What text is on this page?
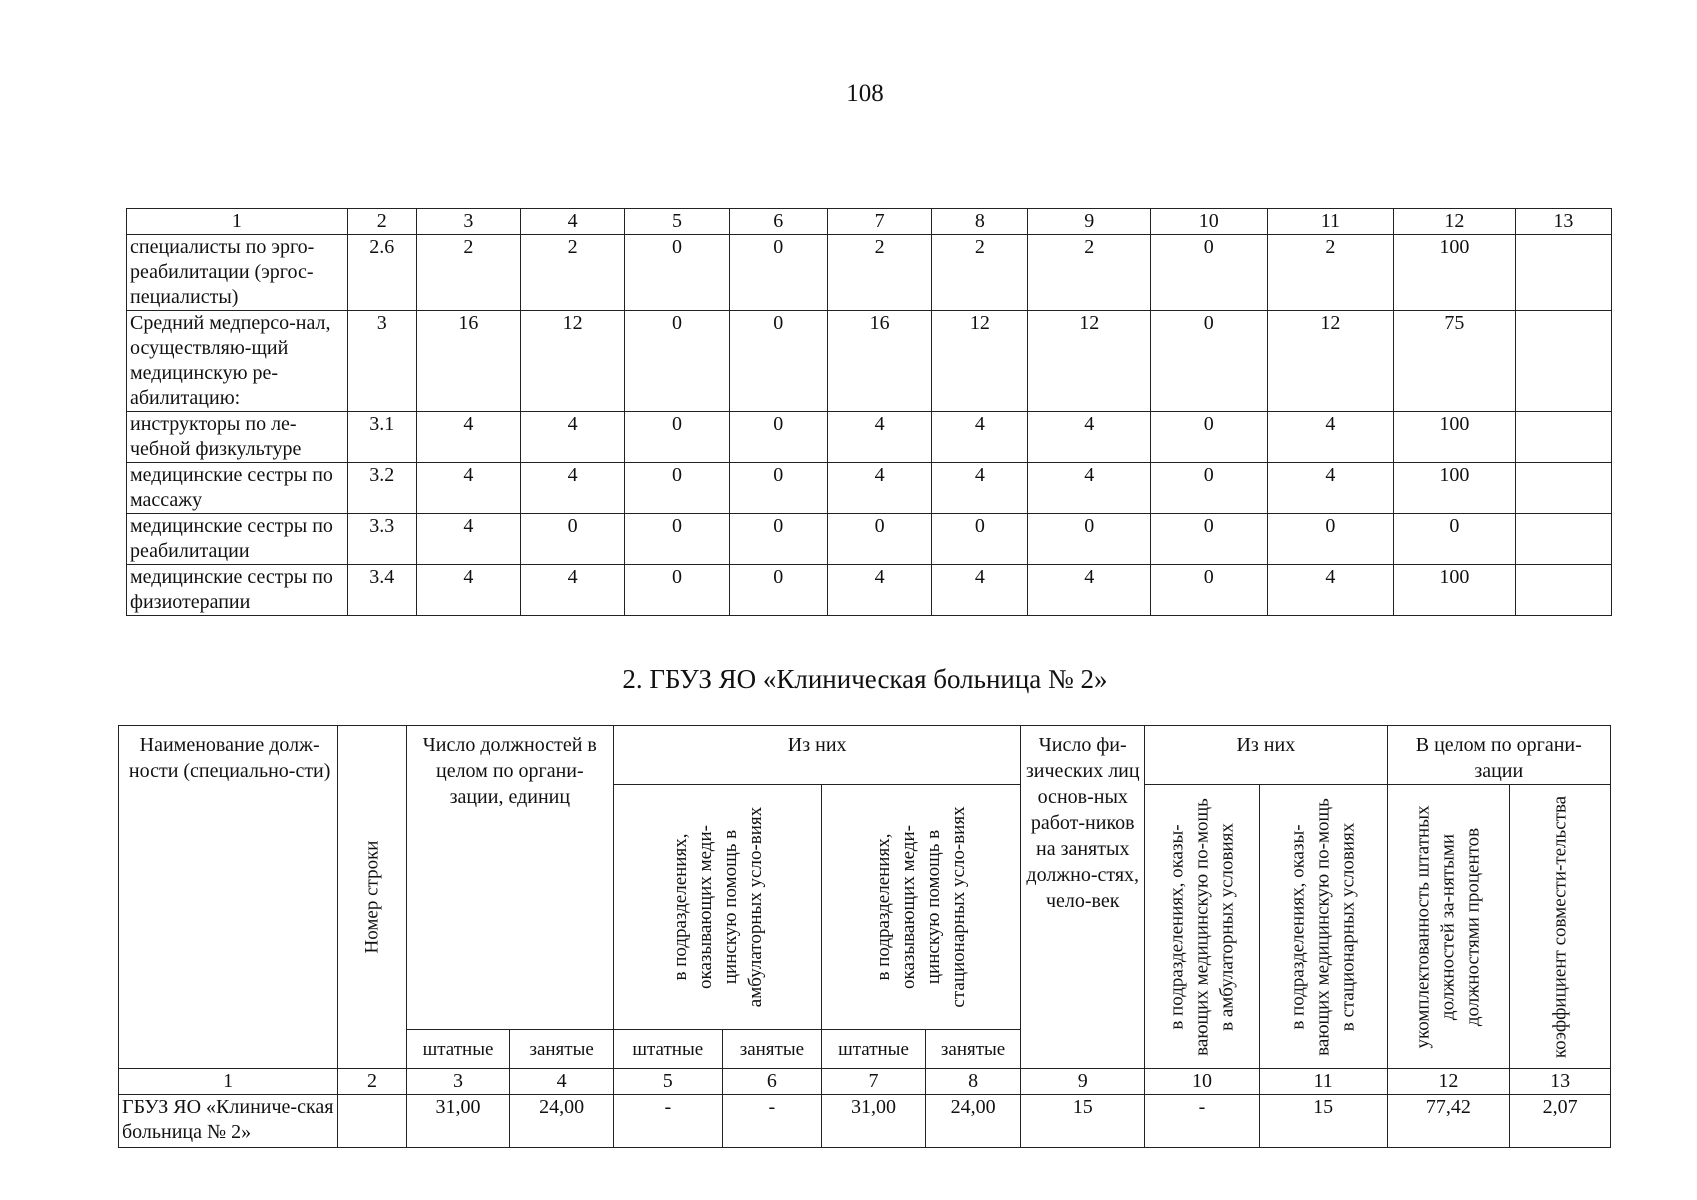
108
1	2	3	4	5	6	7	8	9	10	11	12	13
специалисты по эрго-реабилитации (эргос-пециалисты)	2.6	2	2	0	0	2	2	2	0	2	100	
Средний медперсо-нал, осуществляю-щий медицинскую ре-абилитацию:	3	16	12	0	0	16	12	12	0	12	75	
инструкторы по ле-чебной физкультуре	3.1	4	4	0	0	4	4	4	0	4	100	
медицинские сестры по массажу	3.2	4	4	0	0	4	4	4	0	4	100	
медицинские сестры по реабилитации	3.3	4	0	0	0	0	0	0	0	0	0	
медицинские сестры по физиотерапии	3.4	4	4	0	0	4	4	4	0	4	100	
2. ГБУЗ ЯО «Клиническая больница № 2»
Наименование долж-ности (специально-сти)	Номер строки	Число должностей в целом по органи-зации, единиц		Из них				Число фи-зических лиц основ-ных работ-ников на занятых должно-стях, чело-век	Из них		В целом по органи-зации	

				в подразделениях, оказывающих меди-цинскую помощь в амбулаторных усло-виях		в подразделениях, оказывающих меди-цинскую помощь в стационарных усло-виях			в подразделениях, оказы-вающих медицинскую по-мощь в амбулаторных условиях	в подразделениях, оказы-вающих медицинскую по-мощь в стационарных условиях	укомплектованность штатных должностей за-нятыми должностями процентов	коэффициент совмести-тельства

		штатные	занятые	штатные	занятые	штатные	занятые					
1	2	3	4	5	6	7	8	9	10	11	12	13
ГБУЗ ЯО «Клиниче-ская больница № 2»		31,00	24,00	-	-	31,00	24,00	15	-	15	77,42	2,07
